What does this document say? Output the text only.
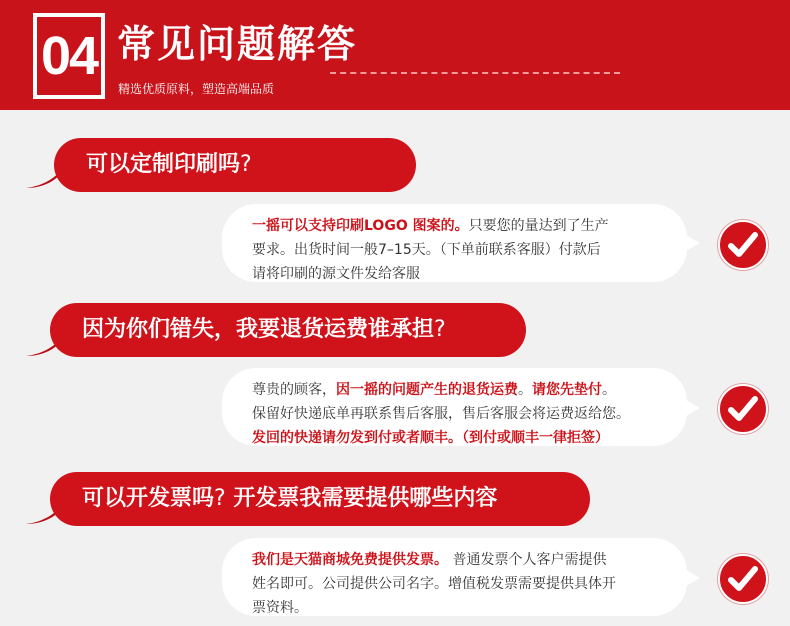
04 常见问题解答
精选优质原料，塑造高端品质
可以定制印刷吗?
一摇可以支持印刷LOGO 图案的。只要您的量达到了生产
要求。出货时间一般7–15天。（下单前联系客服）付款后
请将印刷的源文件发给客服
因为你们错失，我要退货运费谁承担?
尊贵的顾客，因一摇的问题产生的退货运费。请您先垫付。
保留好快递底单再联系售后客服，售后客服会将运费返给您。
发回的快递请勿发到付或者顺丰。（到付或顺丰一律拒签）
可以开发票吗? 开发票我需要提供哪些内容
我们是天猫商城免费提供发票。 普通发票个人客户需提供
姓名即可。公司提供公司名字。增值税发票需要提供具体开
票资料。
